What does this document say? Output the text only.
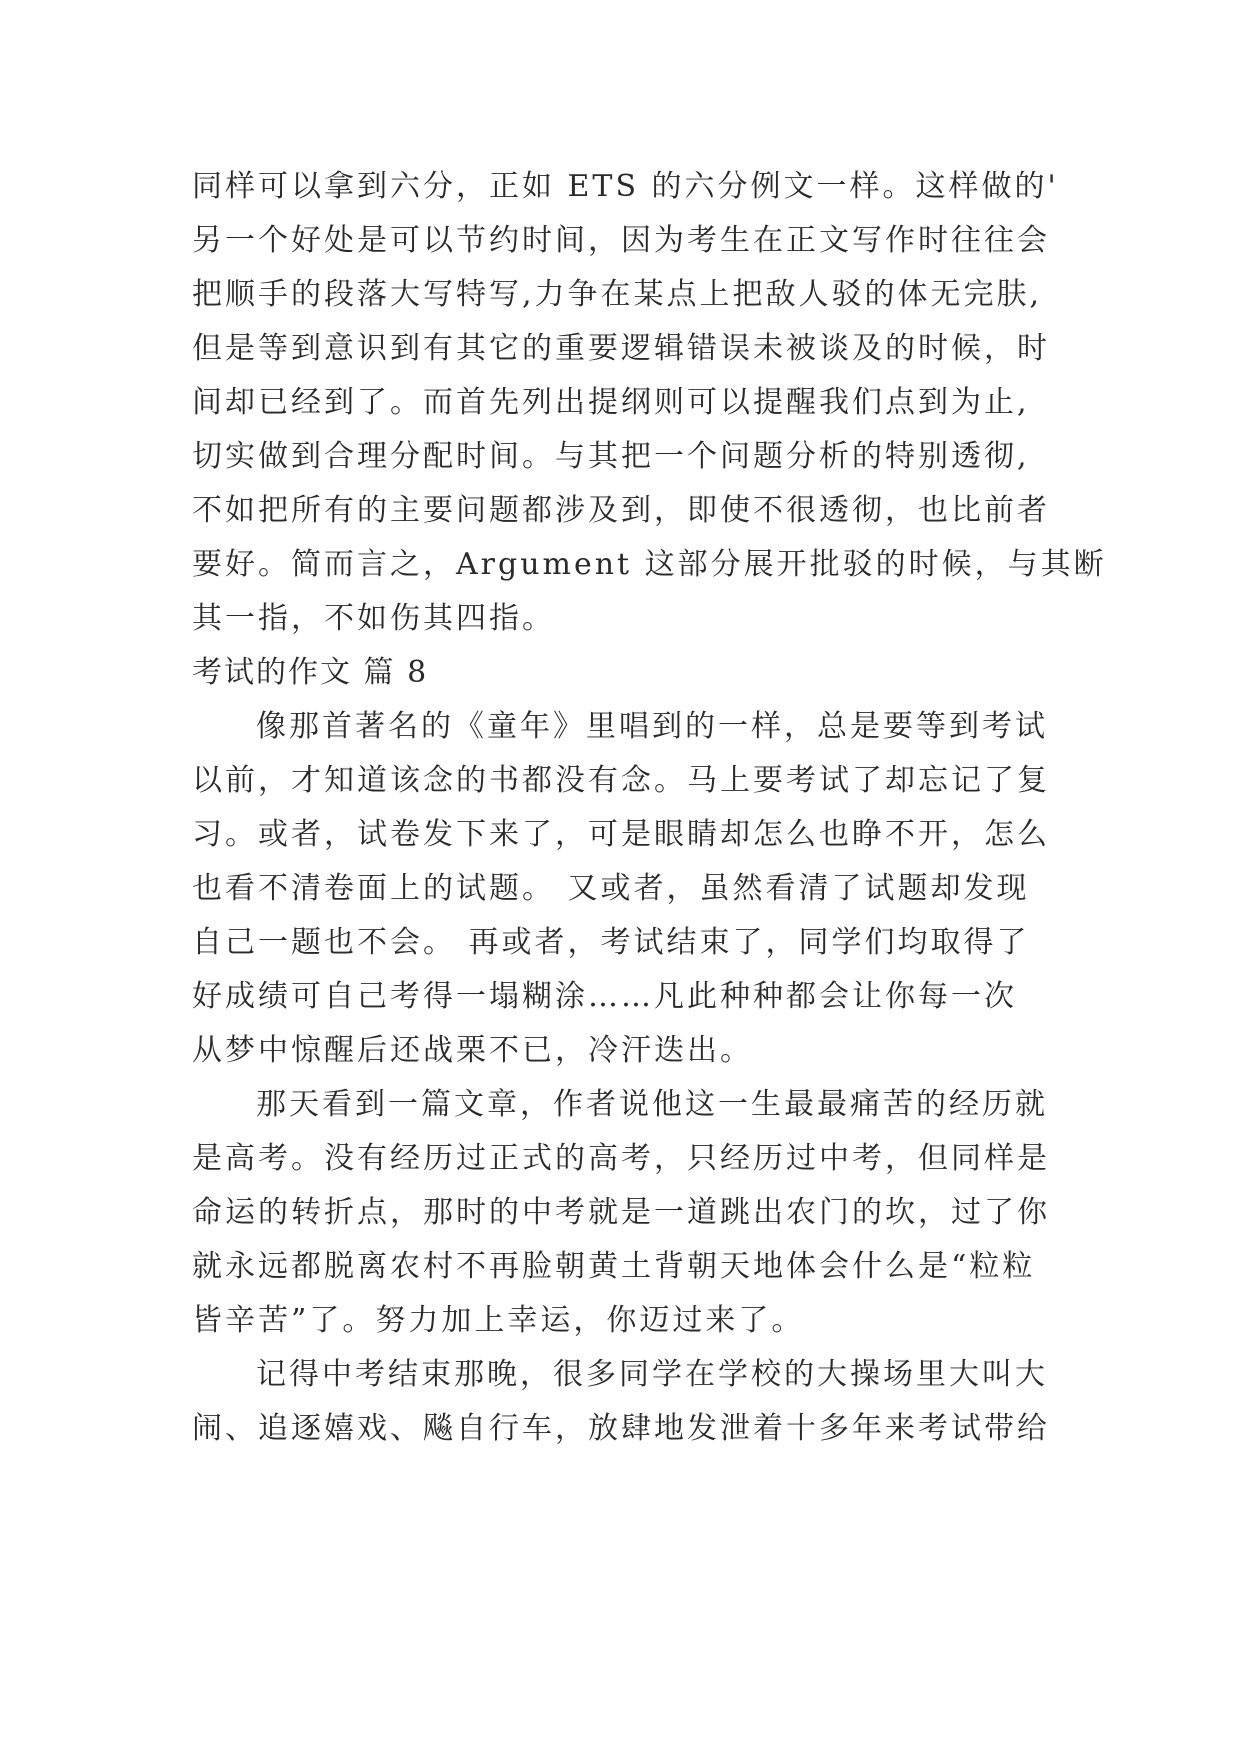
同样可以拿到六分，正如 ETS 的六分例文一样。这样做的'
另一个好处是可以节约时间，因为考生在正文写作时往往会
把顺手的段落大写特写,力争在某点上把敌人驳的体无完肤,
但是等到意识到有其它的重要逻辑错误未被谈及的时候，时
间却已经到了。而首先列出提纲则可以提醒我们点到为止,
切实做到合理分配时间。与其把一个问题分析的特别透彻,
不如把所有的主要问题都涉及到，即使不很透彻，也比前者
要好。简而言之，Argument 这部分展开批驳的时候，与其断
其一指，不如伤其四指。
考试的作文 篇 8
像那首著名的《童年》里唱到的一样，总是要等到考试
以前，才知道该念的书都没有念。马上要考试了却忘记了复
习。或者，试卷发下来了，可是眼睛却怎么也睁不开，怎么
也看不清卷面上的试题。 又或者，虽然看清了试题却发现
自己一题也不会。 再或者，考试结束了，同学们均取得了
好成绩可自己考得一塌糊涂……凡此种种都会让你每一次
从梦中惊醒后还战栗不已，冷汗迭出。
那天看到一篇文章，作者说他这一生最最痛苦的经历就
是高考。没有经历过正式的高考，只经历过中考，但同样是
命运的转折点，那时的中考就是一道跳出农门的坎，过了你
就永远都脱离农村不再脸朝黄土背朝天地体会什么是“粒粒
皆辛苦”了。努力加上幸运，你迈过来了。
记得中考结束那晚，很多同学在学校的大操场里大叫大
闹、追逐嬉戏、飚自行车，放肆地发泄着十多年来考试带给
